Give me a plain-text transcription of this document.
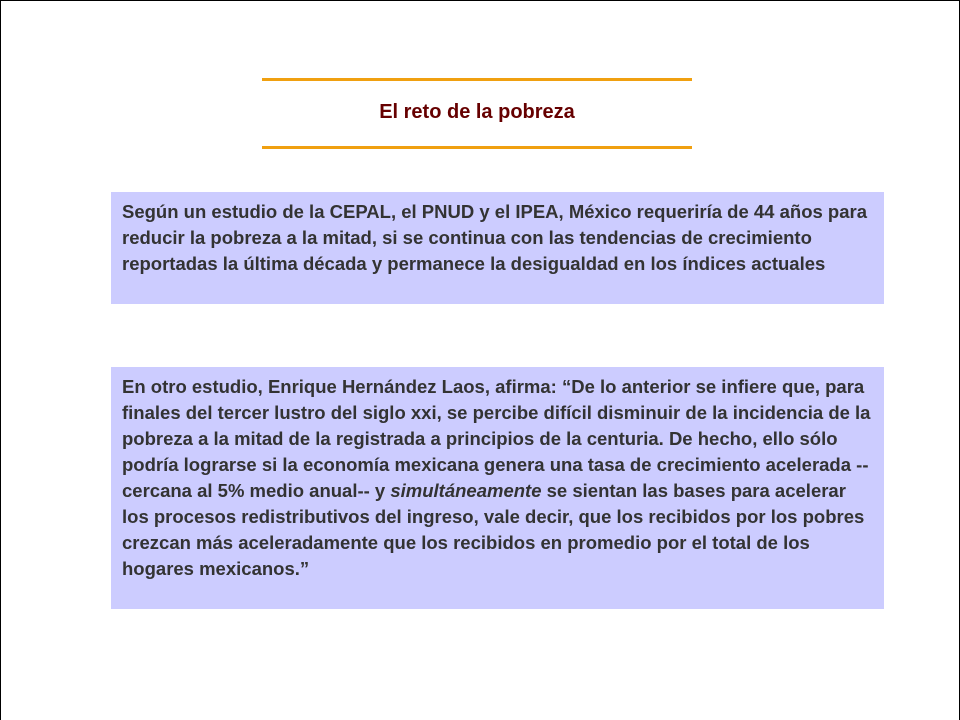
El reto de la pobreza

Según un estudio de la CEPAL, el PNUD y el IPEA, México requeriría de 44 años para reducir la pobreza a la mitad, si se continua con las tendencias de crecimiento reportadas la última década y permanece la desigualdad en los índices actuales

En otro estudio, Enrique Hernández Laos, afirma: “De lo anterior se infiere que, para finales del tercer lustro del siglo xxi, se percibe difícil disminuir de la incidencia de la pobreza a la mitad de la registrada a principios de la centuria. De hecho, ello sólo podría lograrse si la economía mexicana genera una tasa de crecimiento acelerada --cercana al 5% medio anual-- y simultáneamente se sientan las bases para acelerar los procesos redistributivos del ingreso, vale decir, que los recibidos por los pobres crezcan más aceleradamente que los recibidos en promedio por el total de los hogares mexicanos.”
